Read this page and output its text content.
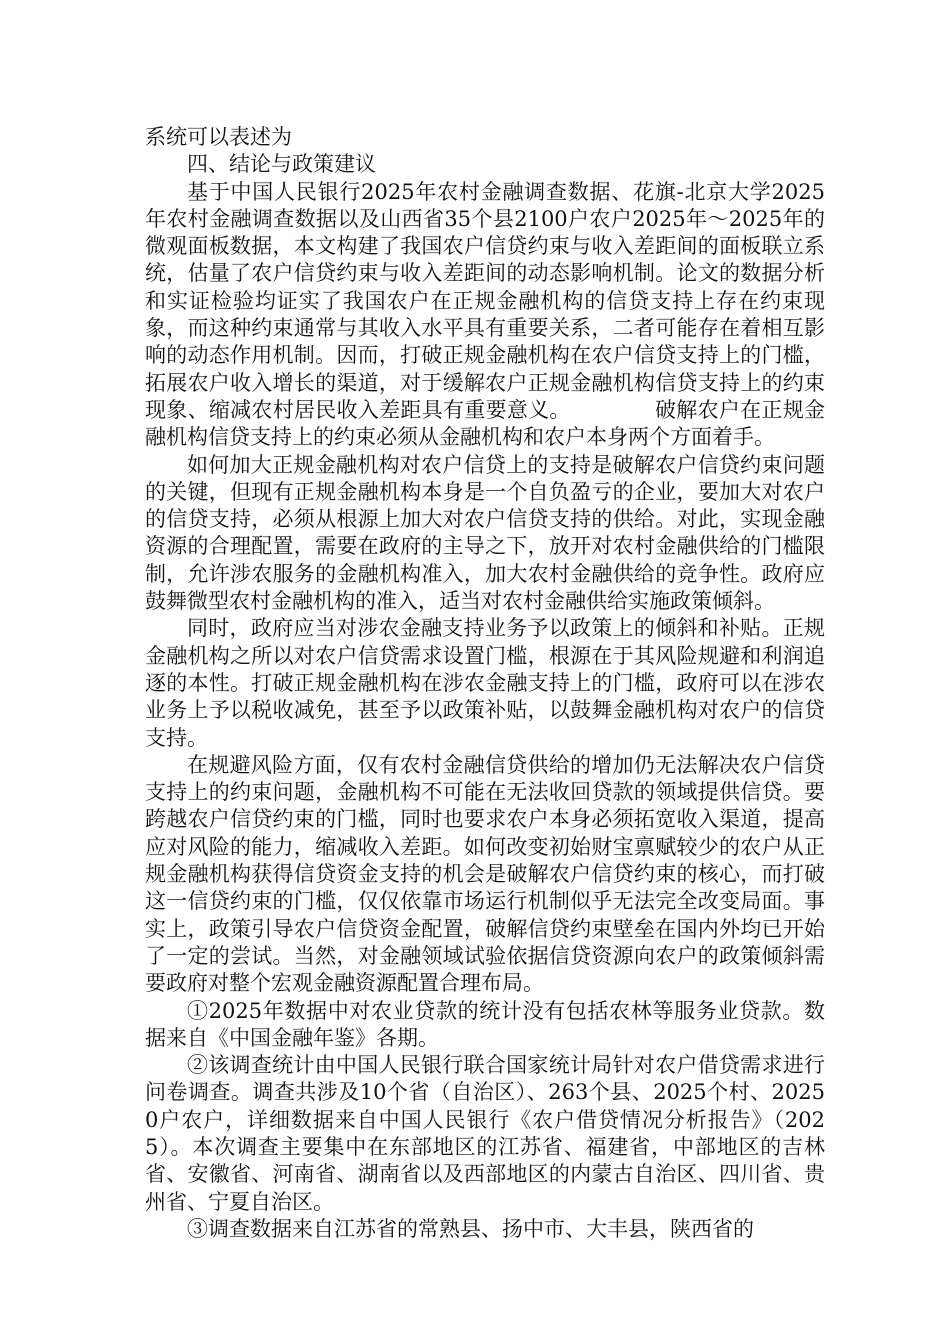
系统可以表述为

四、结论与政策建议

基于中国人民银行2025年农村金融调查数据、花旗-北京大学2025年农村金融调查数据以及山西省35个县2100户农户2025年～2025年的微观面板数据，本文构建了我国农户信贷约束与收入差距间的面板联立系统，估量了农户信贷约束与收入差距间的动态影响机制。论文的数据分析和实证检验均证实了我国农户在正规金融机构的信贷支持上存在约束现象，而这种约束通常与其收入水平具有重要关系，二者可能存在着相互影响的动态作用机制。因而，打破正规金融机构在农户信贷支持上的门槛，拓展农户收入增长的渠道，对于缓解农户正规金融机构信贷支持上的约束现象、缩减农村居民收入差距具有重要意义。	破解农户在正规金融机构信贷支持上的约束必须从金融机构和农户本身两个方面着手。

如何加大正规金融机构对农户信贷上的支持是破解农户信贷约束问题的关键，但现有正规金融机构本身是一个自负盈亏的企业，要加大对农户的信贷支持，必须从根源上加大对农户信贷支持的供给。对此，实现金融资源的合理配置，需要在政府的主导之下，放开对农村金融供给的门槛限制，允许涉农服务的金融机构准入，加大农村金融供给的竞争性。政府应鼓舞微型农村金融机构的准入，适当对农村金融供给实施政策倾斜。

同时，政府应当对涉农金融支持业务予以政策上的倾斜和补贴。正规金融机构之所以对农户信贷需求设置门槛，根源在于其风险规避和利润追逐的本性。打破正规金融机构在涉农金融支持上的门槛，政府可以在涉农业务上予以税收减免，甚至予以政策补贴，以鼓舞金融机构对农户的信贷支持。

在规避风险方面，仅有农村金融信贷供给的增加仍无法解决农户信贷支持上的约束问题，金融机构不可能在无法收回贷款的领域提供信贷。要跨越农户信贷约束的门槛，同时也要求农户本身必须拓宽收入渠道，提高应对风险的能力，缩减收入差距。如何改变初始财宝禀赋较少的农户从正规金融机构获得信贷资金支持的机会是破解农户信贷约束的核心，而打破这一信贷约束的门槛，仅仅依靠市场运行机制似乎无法完全改变局面。事实上，政策引导农户信贷资金配置，破解信贷约束壁垒在国内外均已开始了一定的尝试。当然，对金融领域试验依据信贷资源向农户的政策倾斜需要政府对整个宏观金融资源配置合理布局。

①2025年数据中对农业贷款的统计没有包括农林等服务业贷款。数据来自《中国金融年鉴》各期。

②该调查统计由中国人民银行联合国家统计局针对农户借贷需求进行问卷调查。调查共涉及10个省（自治区）、263个县、2025个村、20250户农户，详细数据来自中国人民银行《农户借贷情况分析报告》（2025）。本次调查主要集中在东部地区的江苏省、福建省，中部地区的吉林省、安徽省、河南省、湖南省以及西部地区的内蒙古自治区、四川省、贵州省、宁夏自治区。

③调查数据来自江苏省的常熟县、扬中市、大丰县，陕西省的
